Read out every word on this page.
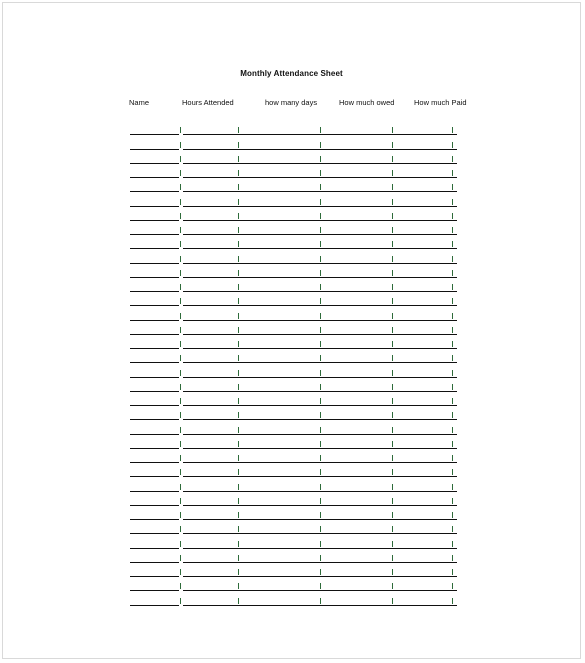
Monthly Attendance Sheet
Name	Hours Attended	how many days	How much owed	How much Paid
